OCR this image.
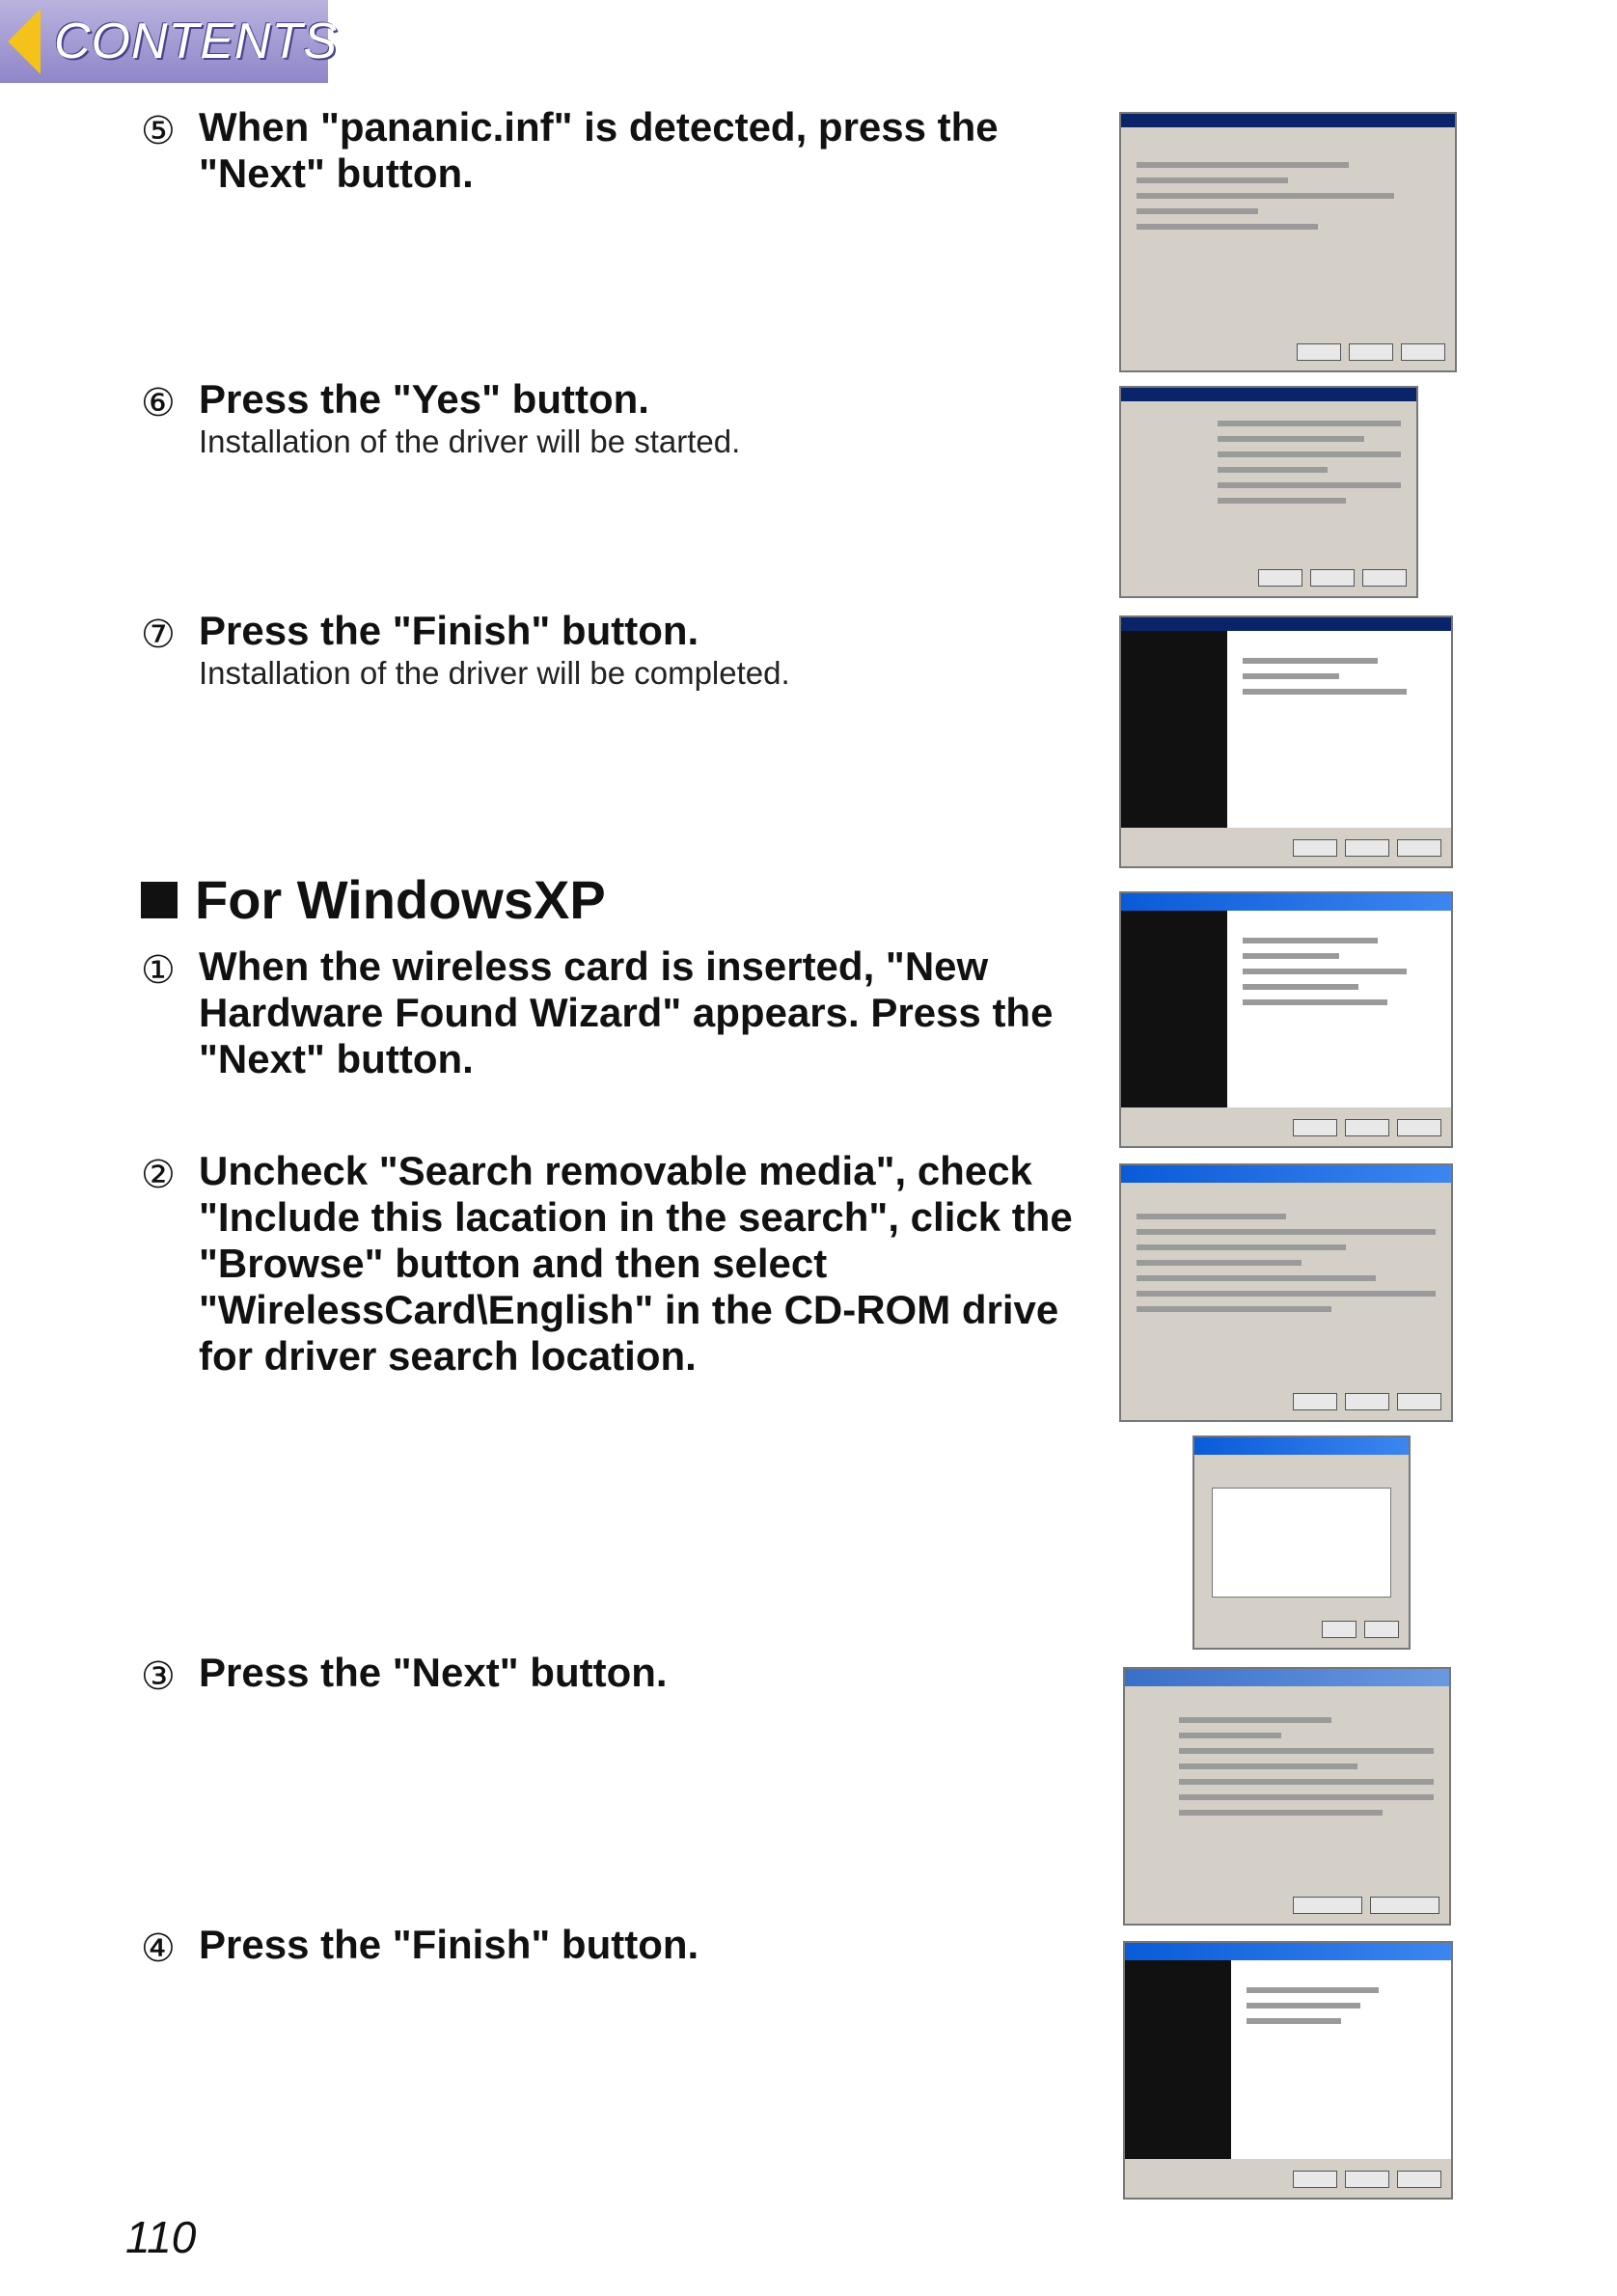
CONTENTS
⑤ When "pananic.inf" is detected, press the "Next" button.
⑥ Press the "Yes" button.
Installation of the driver will be started.
⑦ Press the "Finish" button.
Installation of the driver will be completed.
For WindowsXP
① When the wireless card is inserted, "New Hardware Found Wizard" appears. Press the "Next" button.
② Uncheck "Search removable media", check "Include this lacation in the search", click the "Browse" button and then select "WirelessCard\English" in the CD-ROM drive for driver search location.
③ Press the "Next" button.
④ Press the "Finish" button.
110
